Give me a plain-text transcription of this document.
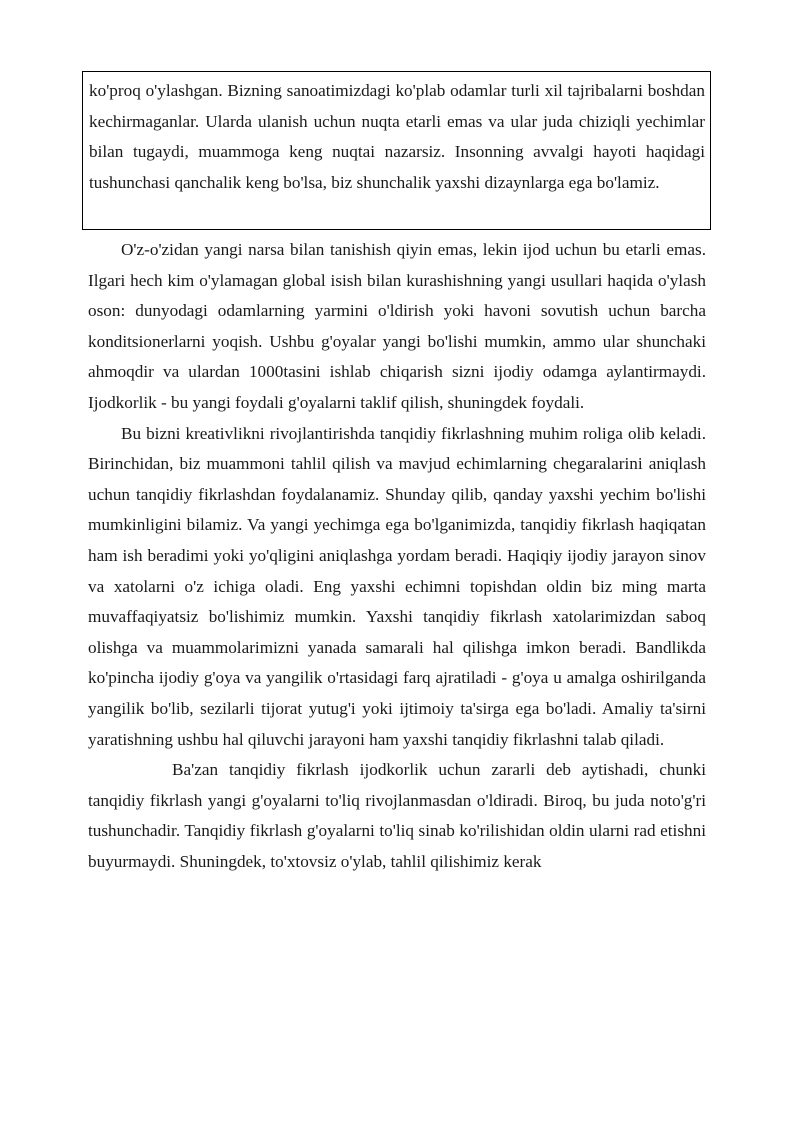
ko'proq o'ylashgan. Bizning sanoatimizdagi ko'plab odamlar turli xil tajribalarni boshdan kechirmaganlar. Ularda ulanish uchun nuqta etarli emas va ular juda chiziqli yechimlar bilan tugaydi, muammoga keng nuqtai nazarsiz. Insonning avvalgi hayoti haqidagi tushunchasi qanchalik keng bo'lsa, biz shunchalik yaxshi dizaynlarga ega bo'lamiz.

O'z-o'zidan yangi narsa bilan tanishish qiyin emas, lekin ijod uchun bu etarli emas. Ilgari hech kim o'ylamagan global isish bilan kurashishning yangi usullari haqida o'ylash oson: dunyodagi odamlarning yarmini o'ldirish yoki havoni sovutish uchun barcha konditsionerlarni yoqish. Ushbu g'oyalar yangi bo'lishi mumkin, ammo ular shunchaki ahmoqdir va ulardan 1000tasini ishlab chiqarish sizni ijodiy odamga aylantirmaydi. Ijodkorlik - bu yangi foydali g'oyalarni taklif qilish, shuningdek foydali.

Bu bizni kreativlikni rivojlantirishda tanqidiy fikrlashning muhim roliga olib keladi. Birinchidan, biz muammoni tahlil qilish va mavjud echimlarning chegaralarini aniqlash uchun tanqidiy fikrlashdan foydalanamiz. Shunday qilib, qanday yaxshi yechim bo'lishi mumkinligini bilamiz. Va yangi yechimga ega bo'lganimizda, tanqidiy fikrlash haqiqatan ham ish beradimi yoki yo'qligini aniqlashga yordam beradi. Haqiqiy ijodiy jarayon sinov va xatolarni o'z ichiga oladi. Eng yaxshi echimni topishdan oldin biz ming marta muvaffaqiyatsiz bo'lishimiz mumkin. Yaxshi tanqidiy fikrlash xatolarimizdan saboq olishga va muammolarimizni yanada samarali hal qilishga imkon beradi. Bandlikda ko'pincha ijodiy g'oya va yangilik o'rtasidagi farq ajratiladi - g'oya u amalga oshirilganda yangilik bo'lib, sezilarli tijorat yutug'i yoki ijtimoiy ta'sirga ega bo'ladi. Amaliy ta'sirni yaratishning ushbu hal qiluvchi jarayoni ham yaxshi tanqidiy fikrlashni talab qiladi.

Ba'zan tanqidiy fikrlash ijodkorlik uchun zararli deb aytishadi, chunki tanqidiy fikrlash yangi g'oyalarni to'liq rivojlanmasdan o'ldiradi. Biroq, bu juda noto'g'ri tushunchadir. Tanqidiy fikrlash g'oyalarni to'liq sinab ko'rilishidan oldin ularni rad etishni buyurmaydi. Shuningdek, to'xtovsiz o'ylab, tahlil qilishimiz kerak
